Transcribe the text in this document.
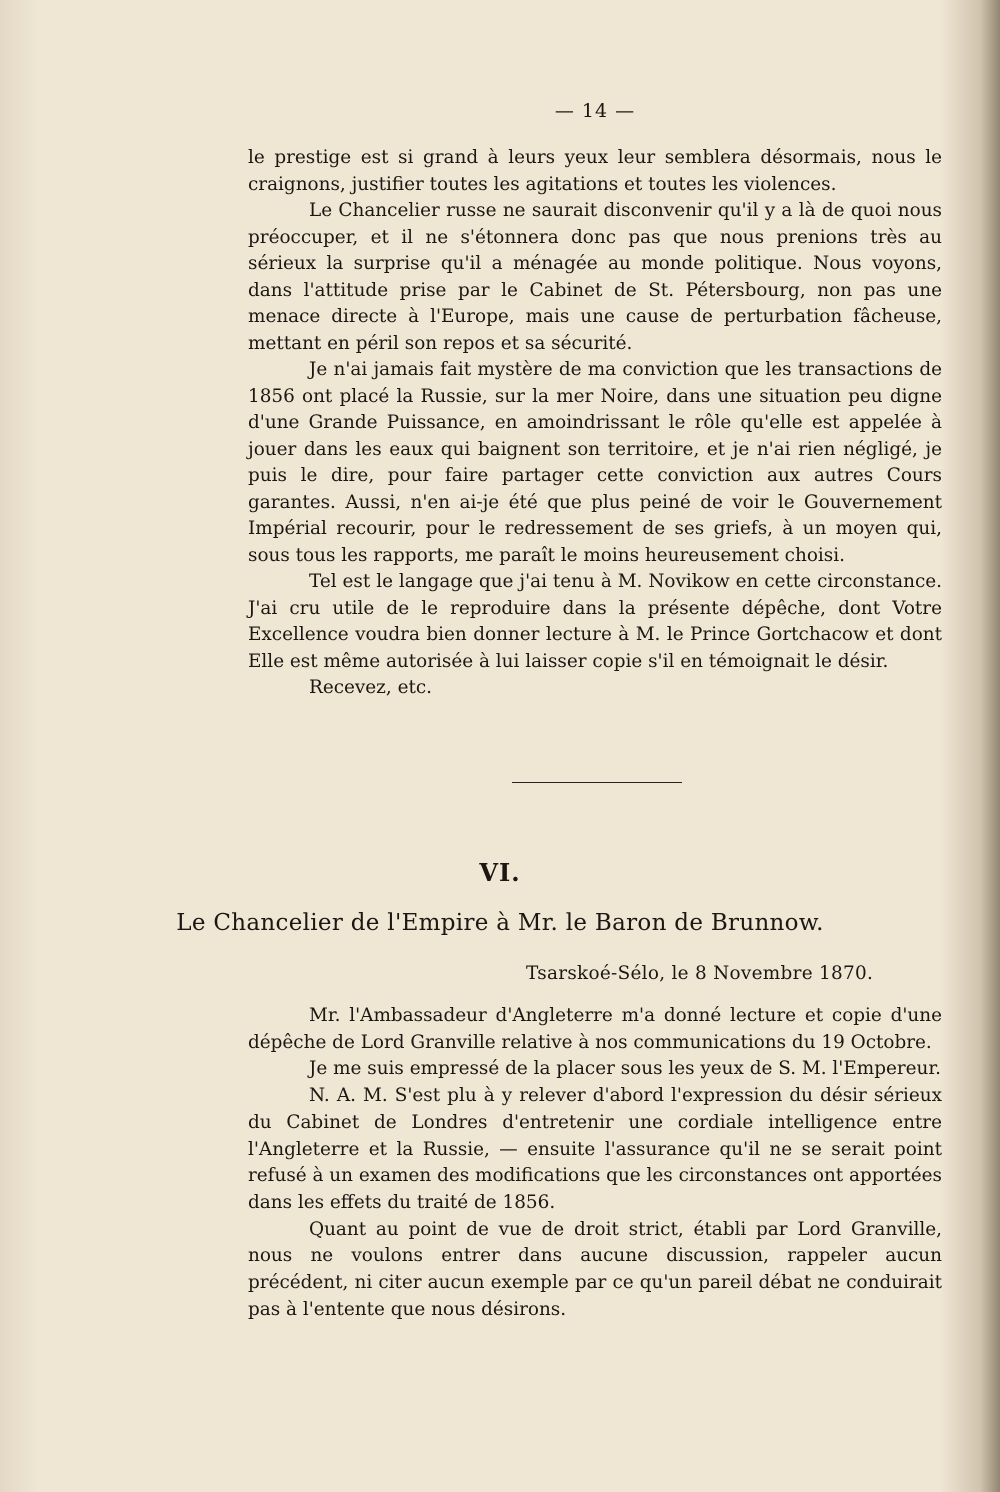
— 14 —

le prestige est si grand à leurs yeux leur semblera désormais, nous le craignons, justifier toutes les agitations et toutes les violences.

Le Chancelier russe ne saurait disconvenir qu'il y a là de quoi nous préoccuper, et il ne s'étonnera donc pas que nous prenions très au sérieux la surprise qu'il a ménagée au monde politique. Nous voyons, dans l'attitude prise par le Cabinet de St. Pétersbourg, non pas une menace directe à l'Europe, mais une cause de perturbation fâcheuse, mettant en péril son repos et sa sécurité.

Je n'ai jamais fait mystère de ma conviction que les transactions de 1856 ont placé la Russie, sur la mer Noire, dans une situation peu digne d'une Grande Puissance, en amoindrissant le rôle qu'elle est appelée à jouer dans les eaux qui baignent son territoire, et je n'ai rien négligé, je puis le dire, pour faire partager cette conviction aux autres Cours garantes. Aussi, n'en ai-je été que plus peiné de voir le Gouvernement Impérial recourir, pour le redressement de ses griefs, à un moyen qui, sous tous les rapports, me paraît le moins heureusement choisi.

Tel est le langage que j'ai tenu à M. Novikow en cette circonstance. J'ai cru utile de le reproduire dans la présente dépêche, dont Votre Excellence voudra bien donner lecture à M. le Prince Gortchacow et dont Elle est même autorisée à lui laisser copie s'il en témoignait le désir.

Recevez, etc.

Mr. l'Ambassadeur d'Angleterre m'a donné lecture et copie d'une dépêche de Lord Granville relative à nos communications du 19 Octobre.

Je me suis empressé de la placer sous les yeux de S. M. l'Empereur.

N. A. M. S'est plu à y relever d'abord l'expression du désir sérieux du Cabinet de Londres d'entretenir une cordiale intelligence entre l'Angleterre et la Russie, — ensuite l'assurance qu'il ne se serait point refusé à un examen des modifications que les circonstances ont apportées dans les effets du traité de 1856.

Quant au point de vue de droit strict, établi par Lord Granville, nous ne voulons entrer dans aucune discussion, rappeler aucun précédent, ni citer aucun exemple par ce qu'un pareil débat ne conduirait pas à l'entente que nous désirons.

VI.
Le Chancelier de l'Empire à Mr. le Baron de Brunnow.
Tsarskoé-Sélo, le 8 Novembre 1870.
